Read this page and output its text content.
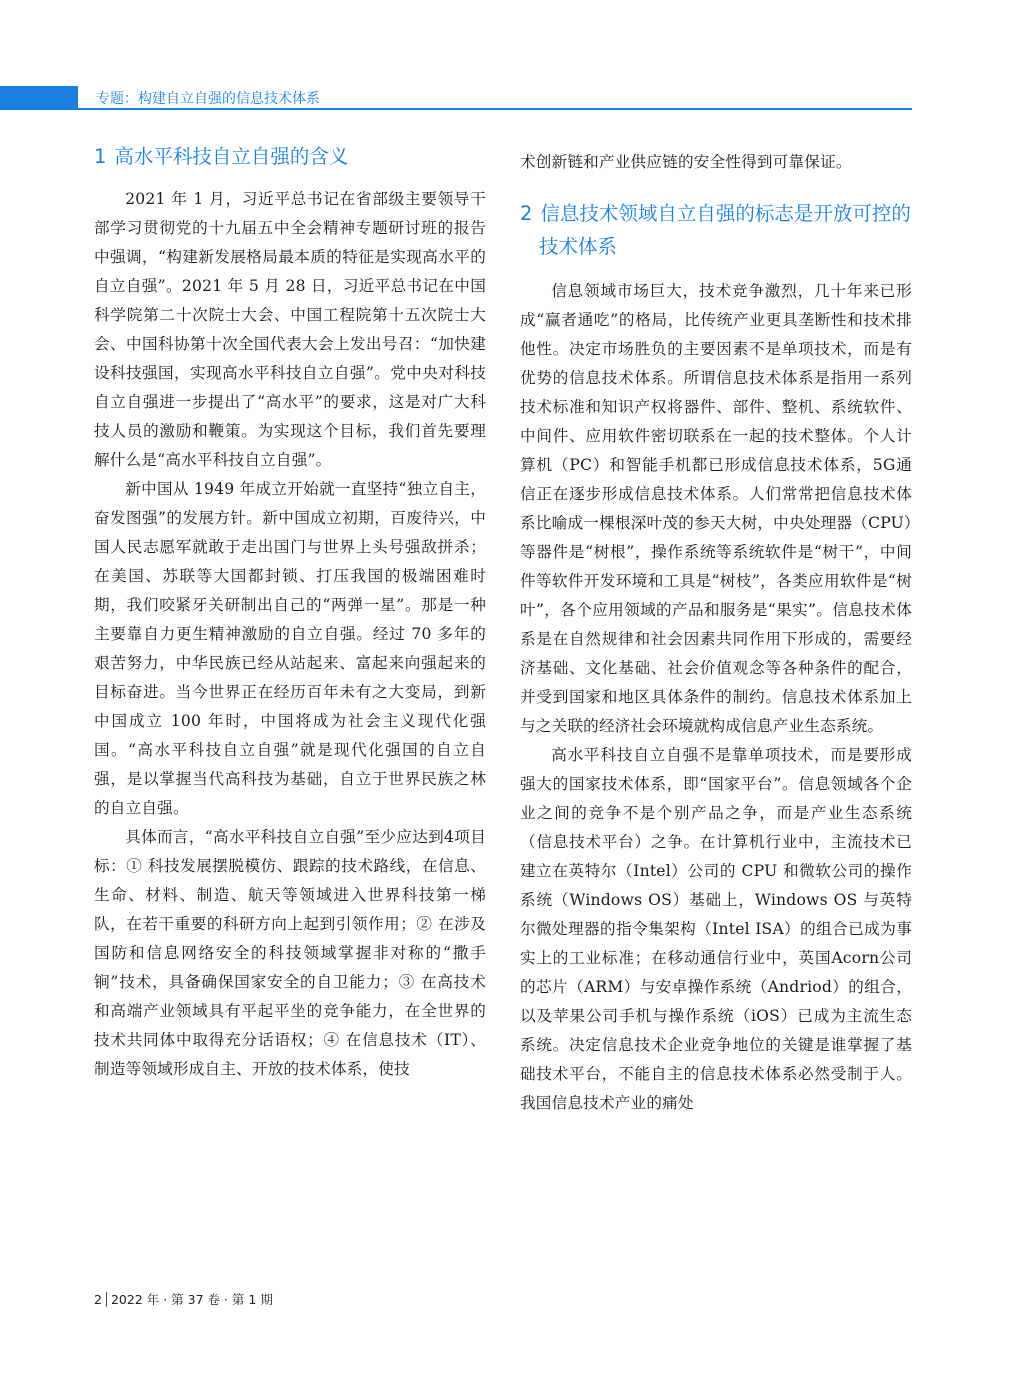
专题：构建自立自强的信息技术体系
1 高水平科技自立自强的含义

2021 年 1 月，习近平总书记在省部级主要领导干部学习贯彻党的十九届五中全会精神专题研讨班的报告中强调，“构建新发展格局最本质的特征是实现高水平的自立自强”。2021 年 5 月 28 日，习近平总书记在中国科学院第二十次院士大会、中国工程院第十五次院士大会、中国科协第十次全国代表大会上发出号召：“加快建设科技强国，实现高水平科技自立自强”。党中央对科技自立自强进一步提出了“高水平”的要求，这是对广大科技人员的激励和鞭策。为实现这个目标，我们首先要理解什么是“高水平科技自立自强”。

新中国从 1949 年成立开始就一直坚持“独立自主，奋发图强”的发展方针。新中国成立初期，百废待兴，中国人民志愿军就敢于走出国门与世界上头号强敌拼杀；在美国、苏联等大国都封锁、打压我国的极端困难时期，我们咬紧牙关研制出自己的“两弹一星”。那是一种主要靠自力更生精神激励的自立自强。经过 70 多年的艰苦努力，中华民族已经从站起来、富起来向强起来的目标奋进。当今世界正在经历百年未有之大变局，到新中国成立 100 年时，中国将成为社会主义现代化强国。“高水平科技自立自强”就是现代化强国的自立自强，是以掌握当代高科技为基础，自立于世界民族之林的自立自强。

具体而言，“高水平科技自立自强”至少应达到4项目标：① 科技发展摆脱模仿、跟踪的技术路线，在信息、生命、材料、制造、航天等领域进入世界科技第一梯队，在若干重要的科研方向上起到引领作用；② 在涉及国防和信息网络安全的科技领域掌握非对称的“撒手锏”技术，具备确保国家安全的自卫能力；③ 在高技术和高端产业领域具有平起平坐的竞争能力，在全世界的技术共同体中取得充分话语权；④ 在信息技术（IT）、制造等领域形成自主、开放的技术体系，使技

术创新链和产业供应链的安全性得到可靠保证。

2 信息技术领域自立自强的标志是开放可控的技术体系

信息领域市场巨大，技术竞争激烈，几十年来已形成“赢者通吃”的格局，比传统产业更具垄断性和技术排他性。决定市场胜负的主要因素不是单项技术，而是有优势的信息技术体系。所谓信息技术体系是指用一系列技术标准和知识产权将器件、部件、整机、系统软件、中间件、应用软件密切联系在一起的技术整体。个人计算机（PC）和智能手机都已形成信息技术体系，5G通信正在逐步形成信息技术体系。人们常常把信息技术体系比喻成一棵根深叶茂的参天大树，中央处理器（CPU）等器件是“树根”，操作系统等系统软件是“树干”，中间件等软件开发环境和工具是“树枝”，各类应用软件是“树叶”，各个应用领域的产品和服务是“果实”。信息技术体系是在自然规律和社会因素共同作用下形成的，需要经济基础、文化基础、社会价值观念等各种条件的配合，并受到国家和地区具体条件的制约。信息技术体系加上与之关联的经济社会环境就构成信息产业生态系统。

高水平科技自立自强不是靠单项技术，而是要形成强大的国家技术体系，即“国家平台”。信息领域各个企业之间的竞争不是个别产品之争，而是产业生态系统（信息技术平台）之争。在计算机行业中，主流技术已建立在英特尔（Intel）公司的 CPU 和微软公司的操作系统（Windows OS）基础上，Windows OS 与英特尔微处理器的指令集架构（Intel ISA）的组合已成为事实上的工业标准；在移动通信行业中，英国Acorn公司的芯片（ARM）与安卓操作系统（Andriod）的组合，以及苹果公司手机与操作系统（iOS）已成为主流生态系统。决定信息技术企业竞争地位的关键是谁掌握了基础技术平台，不能自主的信息技术体系必然受制于人。我国信息技术产业的痛处

2 2022 年 · 第 37 卷 · 第 1 期
